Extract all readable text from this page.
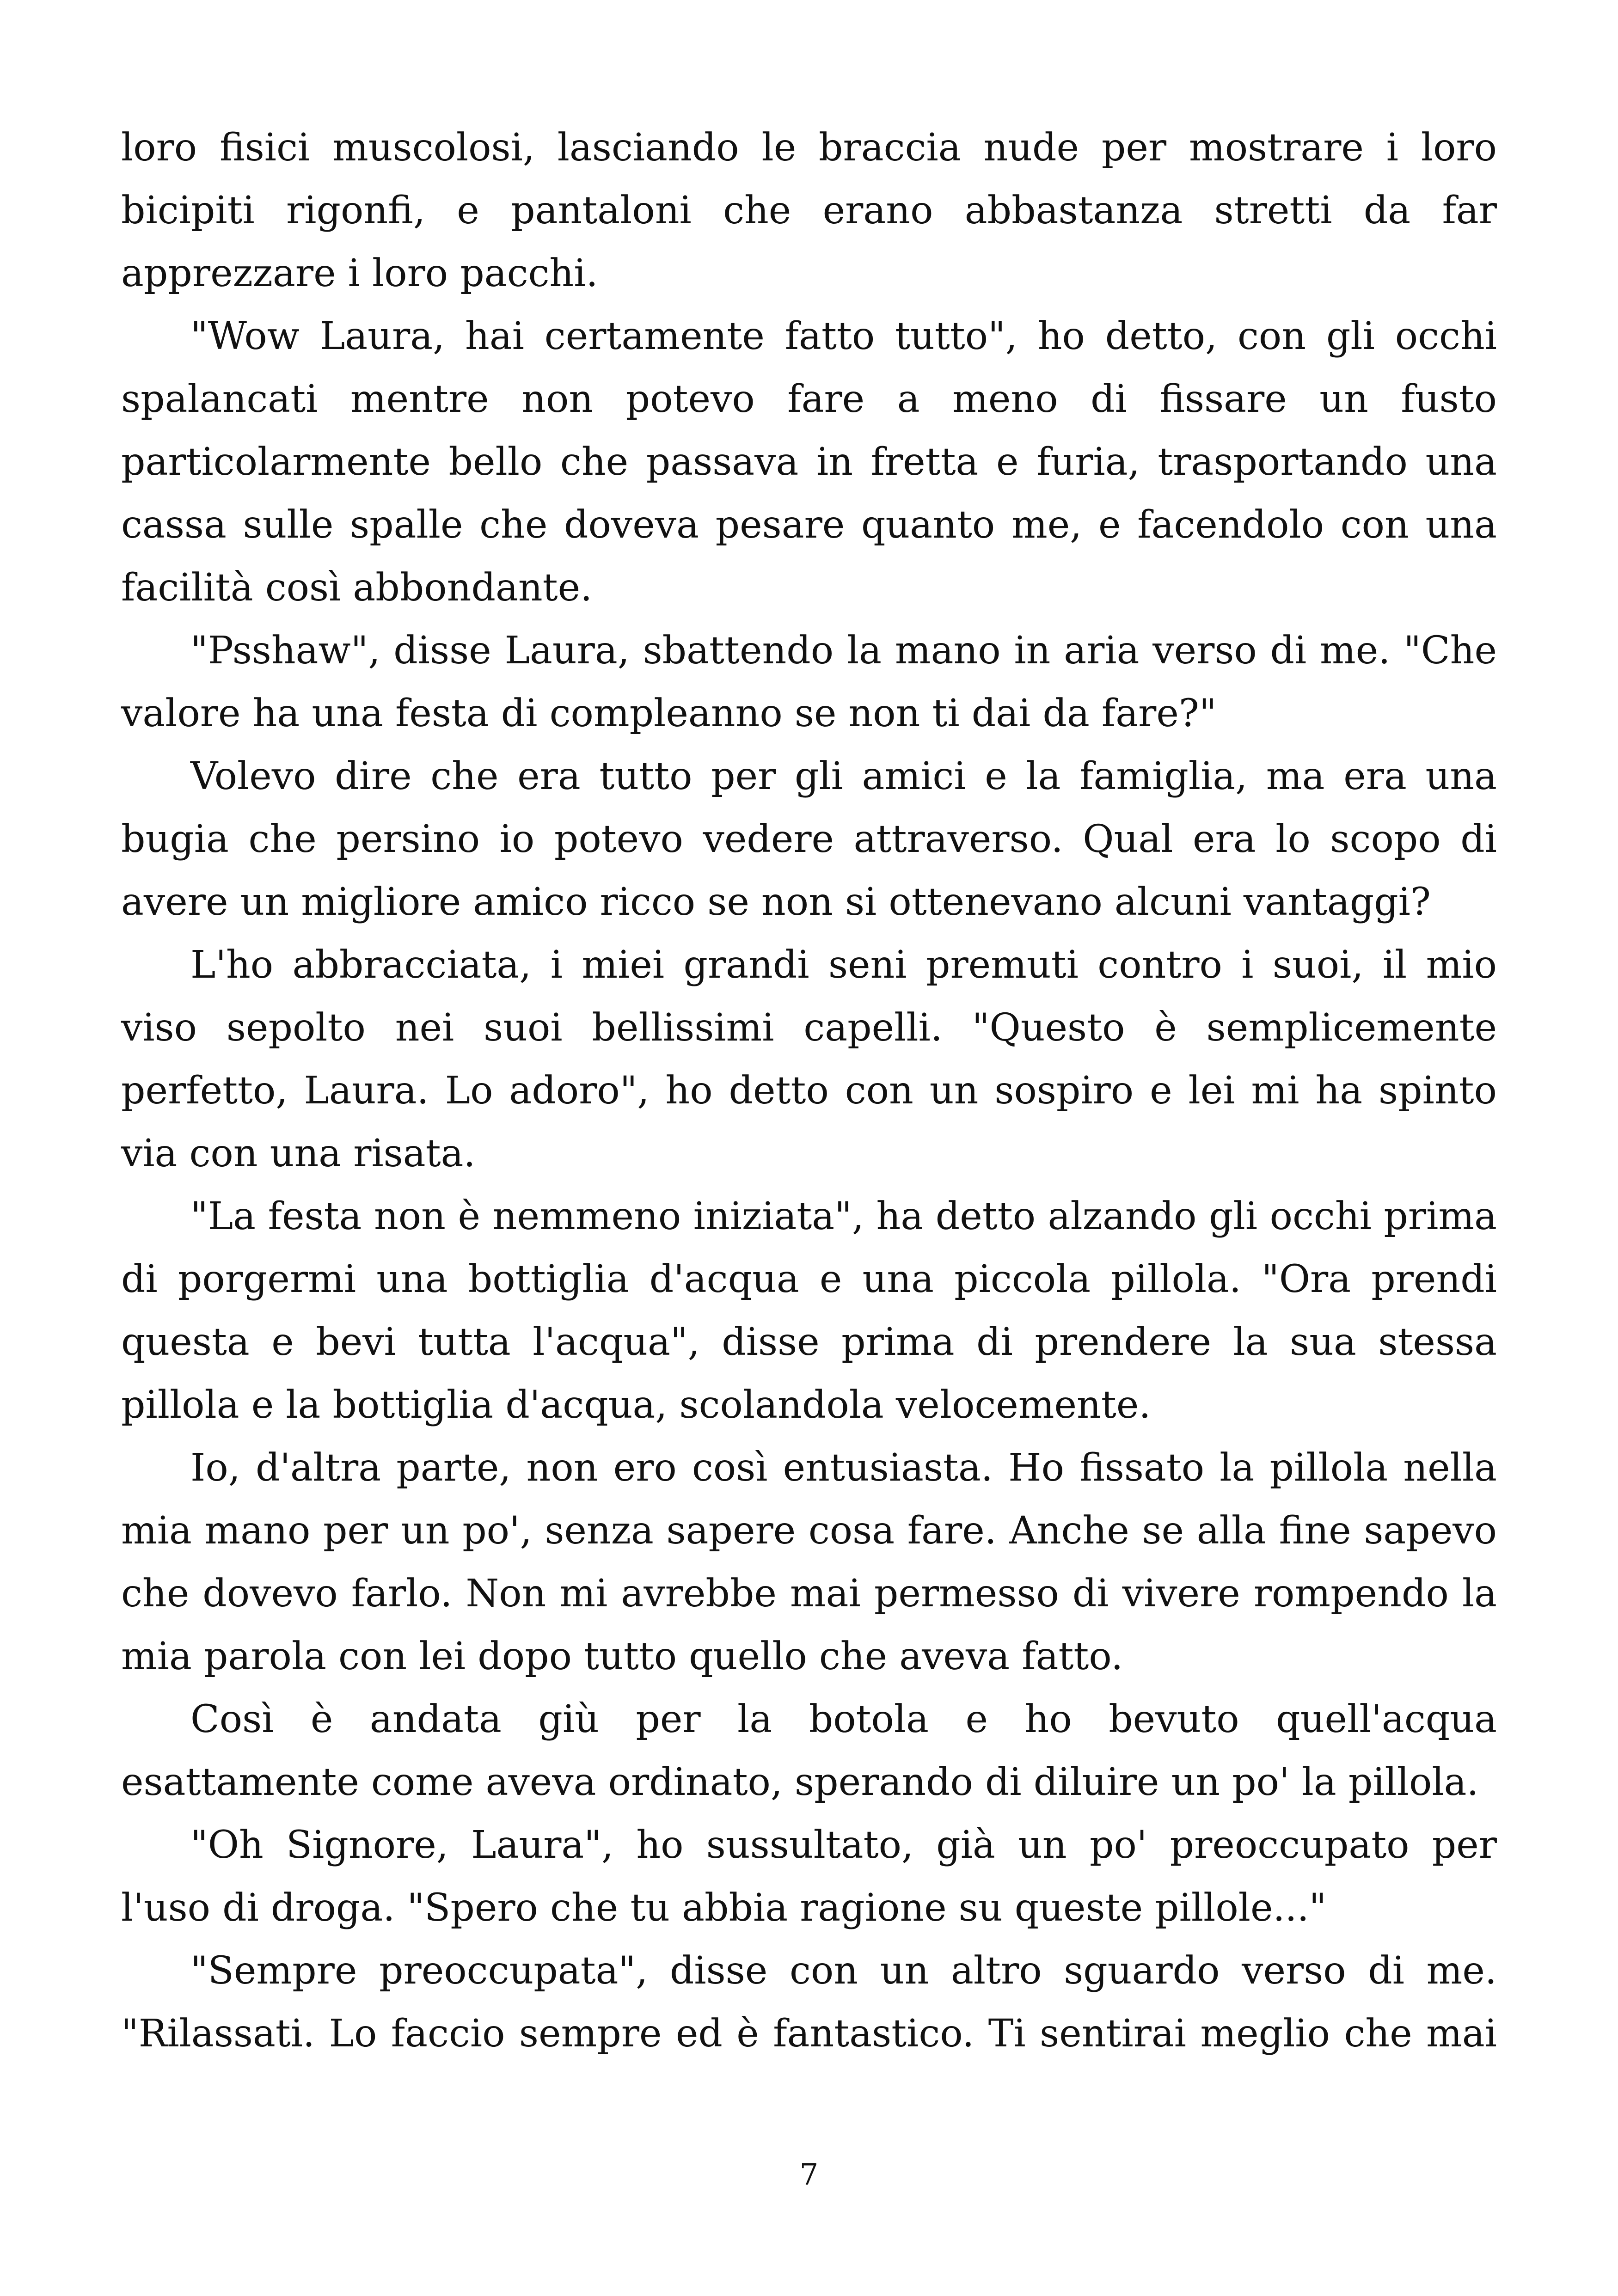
loro fisici muscolosi, lasciando le braccia nude per mostrare i loro bicipiti rigonfi, e pantaloni che erano abbastanza stretti da far apprezzare i loro pacchi.

"Wow Laura, hai certamente fatto tutto", ho detto, con gli occhi spalancati mentre non potevo fare a meno di fissare un fusto particolarmente bello che passava in fretta e furia, trasportando una cassa sulle spalle che doveva pesare quanto me, e facendolo con una facilità così abbondante.

"Psshaw", disse Laura, sbattendo la mano in aria verso di me. "Che valore ha una festa di compleanno se non ti dai da fare?"

Volevo dire che era tutto per gli amici e la famiglia, ma era una bugia che persino io potevo vedere attraverso. Qual era lo scopo di avere un migliore amico ricco se non si ottenevano alcuni vantaggi?

L'ho abbracciata, i miei grandi seni premuti contro i suoi, il mio viso sepolto nei suoi bellissimi capelli. "Questo è semplicemente perfetto, Laura. Lo adoro", ho detto con un sospiro e lei mi ha spinto via con una risata.

"La festa non è nemmeno iniziata", ha detto alzando gli occhi prima di porgermi una bottiglia d'acqua e una piccola pillola. "Ora prendi questa e bevi tutta l'acqua", disse prima di prendere la sua stessa pillola e la bottiglia d'acqua, scolandola velocemente.

Io, d'altra parte, non ero così entusiasta. Ho fissato la pillola nella mia mano per un po', senza sapere cosa fare. Anche se alla fine sapevo che dovevo farlo. Non mi avrebbe mai permesso di vivere rompendo la mia parola con lei dopo tutto quello che aveva fatto.

Così è andata giù per la botola e ho bevuto quell'acqua esattamente come aveva ordinato, sperando di diluire un po' la pillola.

"Oh Signore, Laura", ho sussultato, già un po' preoccupato per l'uso di droga. "Spero che tu abbia ragione su queste pillole..."

"Sempre preoccupata", disse con un altro sguardo verso di me. "Rilassati. Lo faccio sempre ed è fantastico. Ti sentirai meglio che mai

7
